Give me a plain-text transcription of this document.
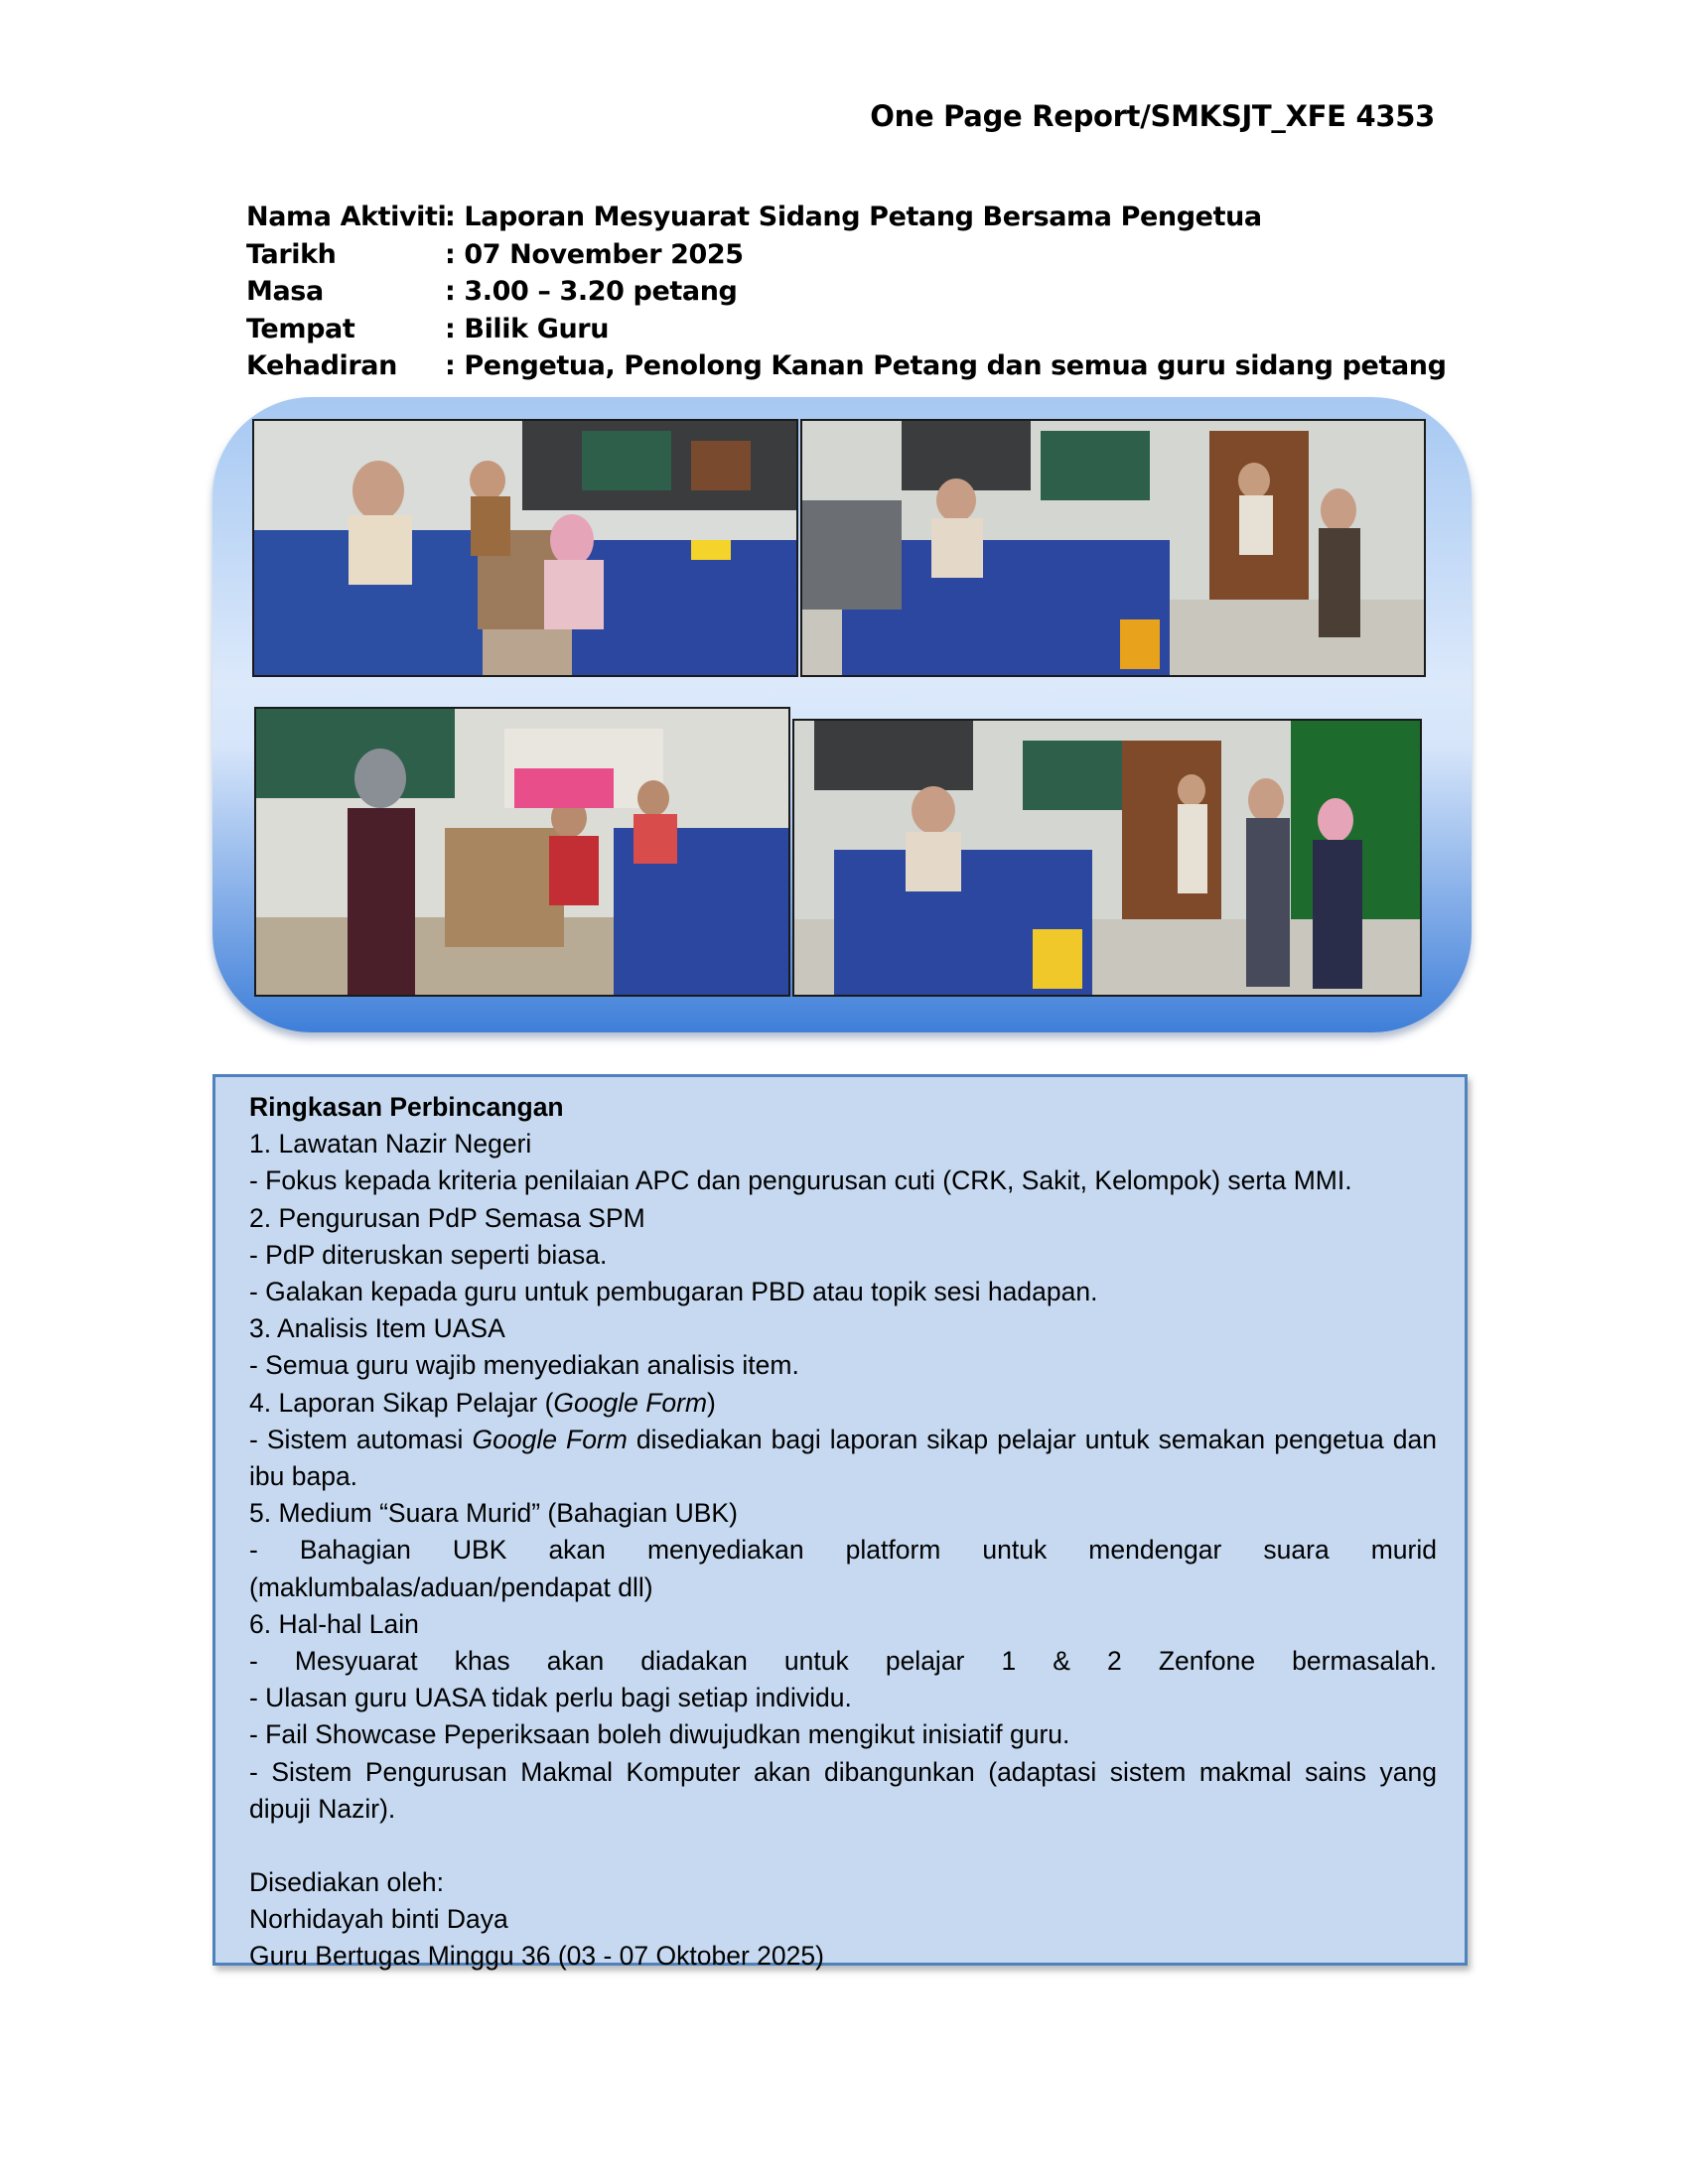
One Page Report/SMKSJT_XFE 4353
Nama Aktiviti
: Laporan Mesyuarat Sidang Petang Bersama Pengetua
Tarikh	: 07 November 2025
Masa	: 3.00 – 3.20 petang
Tempat	: Bilik Guru
Kehadiran	: Pengetua, Penolong Kanan Petang dan semua guru sidang petang
Ringkasan Perbincangan
1. Lawatan Nazir Negeri
- Fokus kepada kriteria penilaian APC dan pengurusan cuti (CRK, Sakit, Kelompok) serta MMI.
2. Pengurusan PdP Semasa SPM
- PdP diteruskan seperti biasa.
- Galakan kepada guru untuk pembugaran PBD atau topik sesi hadapan.
3. Analisis Item UASA
- Semua guru wajib menyediakan analisis item.
4. Laporan Sikap Pelajar (Google Form)
- Sistem automasi Google Form disediakan bagi laporan sikap pelajar untuk semakan pengetua dan ibu bapa.
5. Medium “Suara Murid” (Bahagian UBK)
- Bahagian UBK akan menyediakan platform untuk mendengar suara murid (maklumbalas/aduan/pendapat dll)
6. Hal-hal Lain
- Mesyuarat khas akan diadakan untuk pelajar 1 & 2 Zenfone bermasalah.
- Ulasan guru UASA tidak perlu bagi setiap individu.
- Fail Showcase Peperiksaan boleh diwujudkan mengikut inisiatif guru.
- Sistem Pengurusan Makmal Komputer akan dibangunkan (adaptasi sistem makmal sains yang dipuji Nazir).
Disediakan oleh:
Norhidayah binti Daya
Guru Bertugas Minggu 36 (03 - 07 Oktober 2025)
